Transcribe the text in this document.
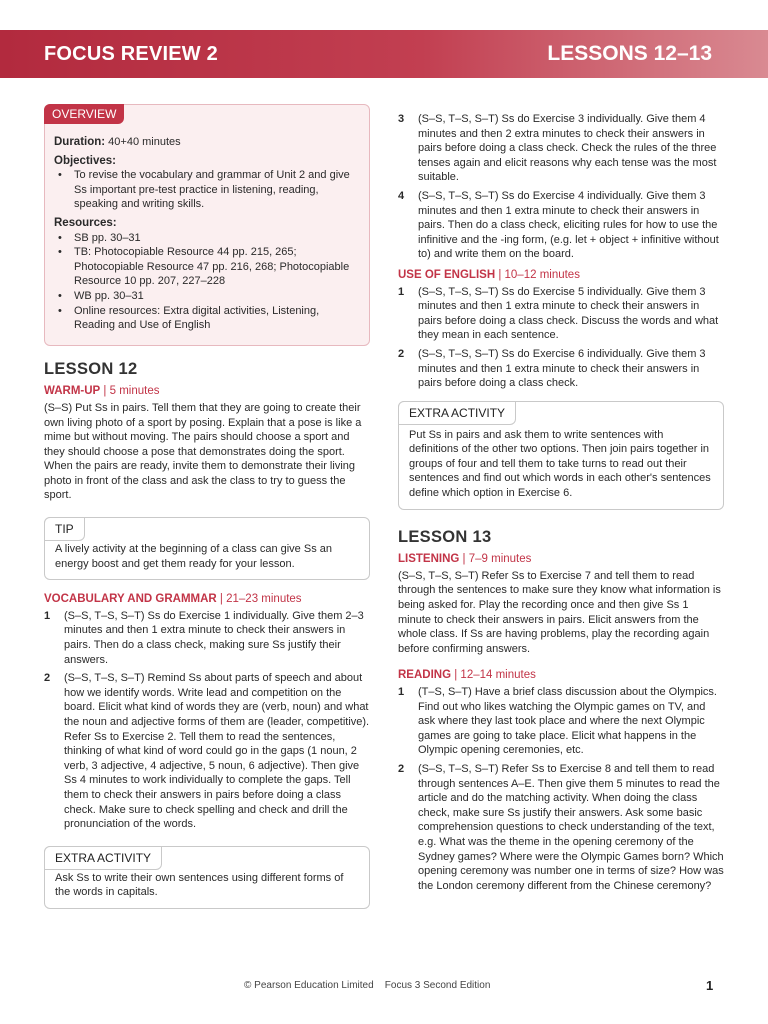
FOCUS REVIEW 2	LESSONS 12–13
OVERVIEW
Duration: 40+40 minutes
Objectives:
• To revise the vocabulary and grammar of Unit 2 and give Ss important pre-test practice in listening, reading, speaking and writing skills.
Resources:
• SB pp. 30–31
• TB: Photocopiable Resource 44 pp. 215, 265; Photocopiable Resource 47 pp. 216, 268; Photocopiable Resource 10 pp. 207, 227–228
• WB pp. 30–31
• Online resources: Extra digital activities, Listening, Reading and Use of English
LESSON 12
WARM-UP | 5 minutes
(S–S) Put Ss in pairs. Tell them that they are going to create their own living photo of a sport by posing. Explain that a pose is like a mime but without moving. The pairs should choose a sport and they should choose a pose that demonstrates doing the sport. When the pairs are ready, invite them to demonstrate their living photo in front of the class and ask the class to try to guess the sport.
TIP
A lively activity at the beginning of a class can give Ss an energy boost and get them ready for your lesson.
VOCABULARY AND GRAMMAR | 21–23 minutes
1 (S–S, T–S, S–T) Ss do Exercise 1 individually. Give them 2–3 minutes and then 1 extra minute to check their answers in pairs. Then do a class check, making sure Ss justify their answers.
2 (S–S, T–S, S–T) Remind Ss about parts of speech and about how we identify words. Write lead and competition on the board. Elicit what kind of words they are (verb, noun) and what the noun and adjective forms of them are (leader, competitive). Refer Ss to Exercise 2. Tell them to read the sentences, thinking of what kind of word could go in the gaps (1 noun, 2 verb, 3 adjective, 4 adjective, 5 noun, 6 adjective). Then give Ss 4 minutes to work individually to complete the gaps. Tell them to check their answers in pairs before doing a class check. Make sure to check spelling and check and drill the pronunciation of the words.
EXTRA ACTIVITY
Ask Ss to write their own sentences using different forms of the words in capitals.
3 (S–S, T–S, S–T) Ss do Exercise 3 individually. Give them 4 minutes and then 2 extra minutes to check their answers in pairs before doing a class check. Check the rules of the three tenses again and elicit reasons why each tense was the most suitable.
4 (S–S, T–S, S–T) Ss do Exercise 4 individually. Give them 3 minutes and then 1 extra minute to check their answers in pairs. Then do a class check, eliciting rules for how to use the infinitive and the -ing form, (e.g. let + object + infinitive without to) and write them on the board.
USE OF ENGLISH | 10–12 minutes
1 (S–S, T–S, S–T) Ss do Exercise 5 individually. Give them 3 minutes and then 1 extra minute to check their answers in pairs before doing a class check. Discuss the words and what they mean in each sentence.
2 (S–S, T–S, S–T) Ss do Exercise 6 individually. Give them 3 minutes and then 1 extra minute to check their answers in pairs before doing a class check.
EXTRA ACTIVITY
Put Ss in pairs and ask them to write sentences with definitions of the other two options. Then join pairs together in groups of four and tell them to take turns to read out their sentences and find out which words in each other's sentences define which option in Exercise 6.
LESSON 13
LISTENING | 7–9 minutes
(S–S, T–S, S–T) Refer Ss to Exercise 7 and tell them to read through the sentences to make sure they know what information is being asked for. Play the recording once and then give Ss 1 minute to check their answers in pairs. Elicit answers from the whole class. If Ss are having problems, play the recording again before confirming answers.
READING | 12–14 minutes
1 (T–S, S–T) Have a brief class discussion about the Olympics. Find out who likes watching the Olympic games on TV, and ask where they last took place and where the next Olympic games are going to take place. Elicit what happens in the Olympic opening ceremonies, etc.
2 (S–S, T–S, S–T) Refer Ss to Exercise 8 and tell them to read through sentences A–E. Then give them 5 minutes to read the article and do the matching activity. When doing the class check, make sure Ss justify their answers. Ask some basic comprehension questions to check understanding of the text, e.g. What was the theme in the opening ceremony of the Sydney games? Where were the Olympic Games born? Which opening ceremony was number one in terms of size? How was the London ceremony different from the Chinese ceremony?
© Pearson Education Limited    Focus 3 Second Edition	1
